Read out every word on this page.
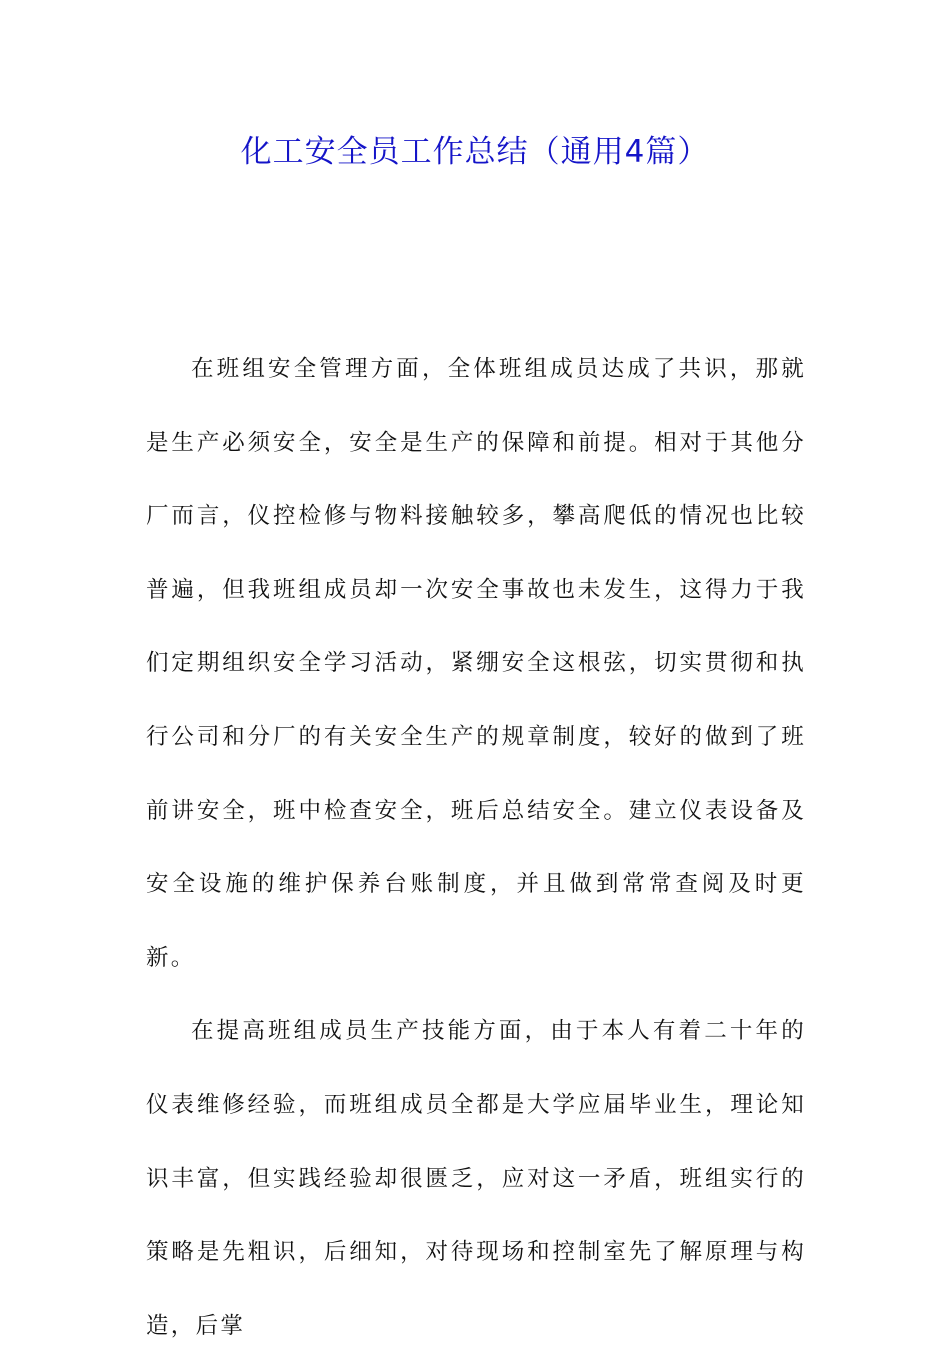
化工安全员工作总结（通用4篇）

在班组安全管理方面，全体班组成员达成了共识，那就是生产必须安全，安全是生产的保障和前提。相对于其他分厂而言，仪控检修与物料接触较多，攀高爬低的情况也比较普遍，但我班组成员却一次安全事故也未发生，这得力于我们定期组织安全学习活动，紧绷安全这根弦，切实贯彻和执行公司和分厂的有关安全生产的规章制度，较好的做到了班前讲安全，班中检查安全，班后总结安全。建立仪表设备及安全设施的维护保养台账制度，并且做到常常查阅及时更新。

在提高班组成员生产技能方面，由于本人有着二十年的仪表维修经验，而班组成员全都是大学应届毕业生，理论知识丰富，但实践经验却很匮乏，应对这一矛盾，班组实行的策略是先粗识，后细知，对待现场和控制室先了解原理与构造，后掌
